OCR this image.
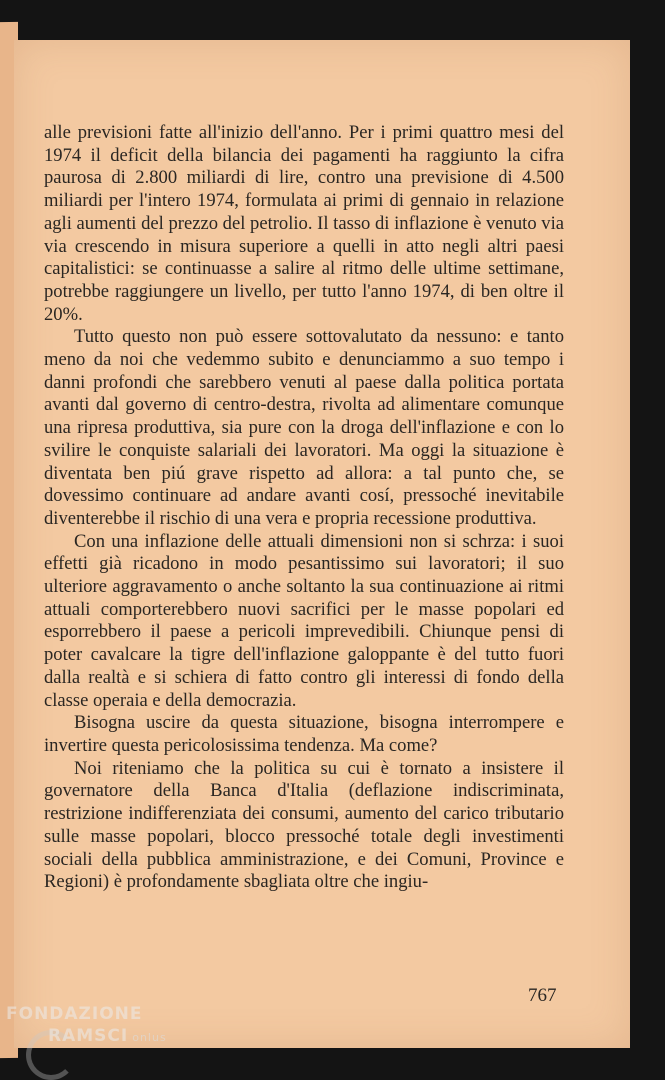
alle previsioni fatte all'inizio dell'anno. Per i primi quattro mesi del 1974 il deficit della bilancia dei pagamenti ha raggiunto la cifra paurosa di 2.800 miliardi di lire, contro una previsione di 4.500 miliardi per l'intero 1974, formulata ai primi di gennaio in relazione agli aumenti del prezzo del petrolio. Il tasso di inflazione è venuto via via crescendo in misura superiore a quelli in atto negli altri paesi capitalistici: se continuasse a salire al ritmo delle ultime settimane, potrebbe raggiungere un livello, per tutto l'anno 1974, di ben oltre il 20%.

Tutto questo non può essere sottovalutato da nessuno: e tanto meno da noi che vedemmo subito e denunciammo a suo tempo i danni profondi che sarebbero venuti al paese dalla politica portata avanti dal governo di centro-destra, rivolta ad alimentare comunque una ripresa produttiva, sia pure con la droga dell'inflazione e con lo svilire le conquiste salariali dei lavoratori. Ma oggi la situazione è diventata ben piú grave rispetto ad allora: a tal punto che, se dovessimo continuare ad andare avanti cosí, pressoché inevitabile diventerebbe il rischio di una vera e propria recessione produttiva.

Con una inflazione delle attuali dimensioni non si schrza: i suoi effetti già ricadono in modo pesantissimo sui lavoratori; il suo ulteriore aggravamento o anche soltanto la sua continuazione ai ritmi attuali comporterebbero nuovi sacrifici per le masse popolari ed esporrebbero il paese a pericoli imprevedibili. Chiunque pensi di poter cavalcare la tigre dell'inflazione galoppante è del tutto fuori dalla realtà e si schiera di fatto contro gli interessi di fondo della classe operaia e della democrazia.

Bisogna uscire da questa situazione, bisogna interrompere e invertire questa pericolosissima tendenza. Ma come?

Noi riteniamo che la politica su cui è tornato a insistere il governatore della Banca d'Italia (deflazione indiscriminata, restrizione indifferenziata dei consumi, aumento del carico tributario sulle masse popolari, blocco pressoché totale degli investimenti sociali della pubblica amministrazione, e dei Comuni, Province e Regioni) è profondamente sbagliata oltre che ingiu-

767
FONDAZIONE
RAMSCI onlus
